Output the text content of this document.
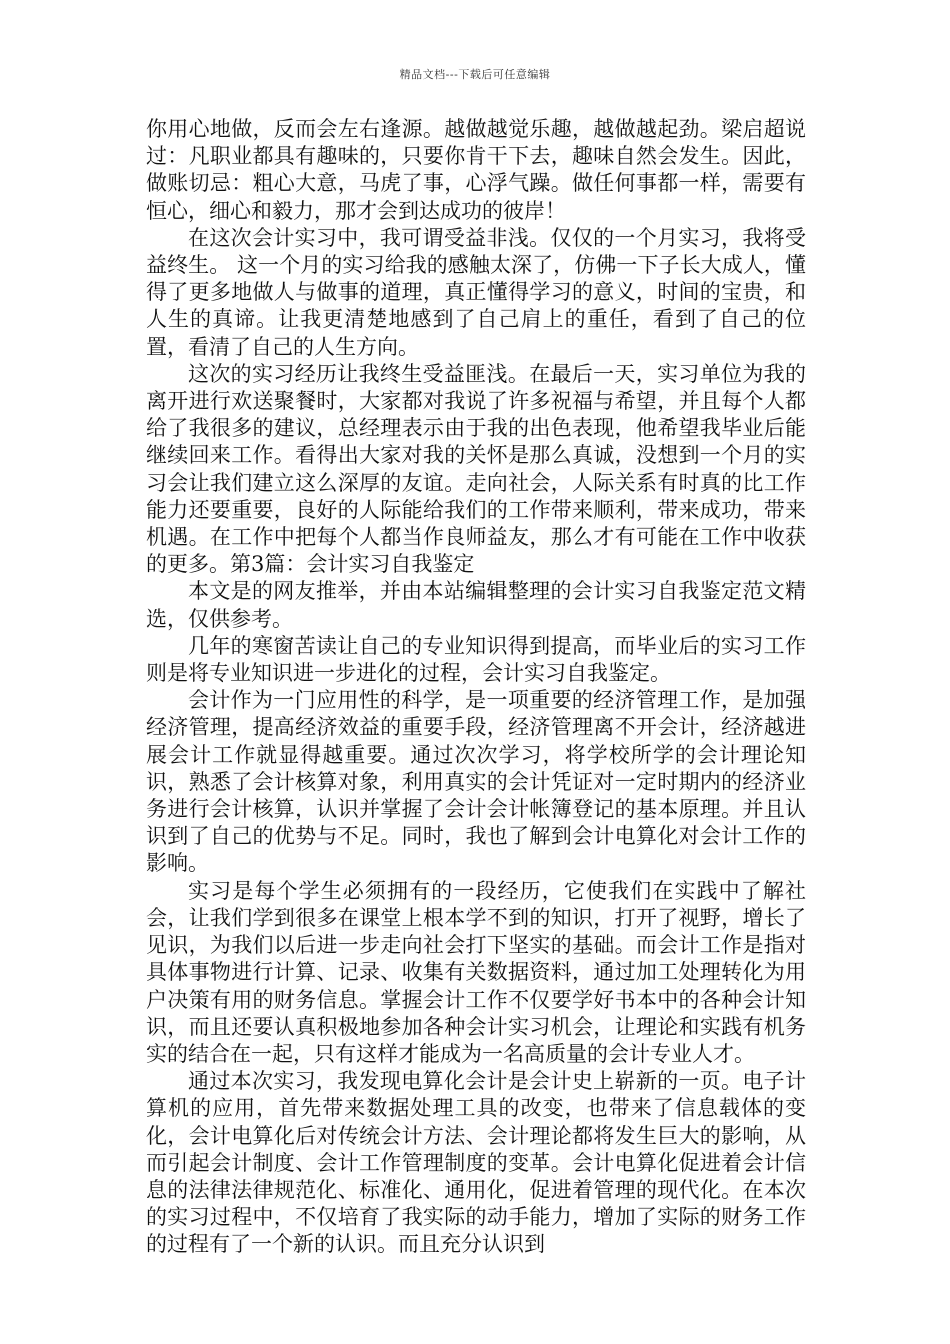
精品文档---下载后可任意编辑

你用心地做，反而会左右逢源。越做越觉乐趣，越做越起劲。梁启超说过：凡职业都具有趣味的，只要你肯干下去，趣味自然会发生。因此，做账切忌：粗心大意，马虎了事，心浮气躁。做任何事都一样，需要有恒心，细心和毅力，那才会到达成功的彼岸！

在这次会计实习中，我可谓受益非浅。仅仅的一个月实习，我将受益终生。 这一个月的实习给我的感触太深了，仿佛一下子长大成人，懂得了更多地做人与做事的道理，真正懂得学习的意义，时间的宝贵，和人生的真谛。让我更清楚地感到了自己肩上的重任，看到了自己的位置，看清了自己的人生方向。

这次的实习经历让我终生受益匪浅。在最后一天，实习单位为我的离开进行欢送聚餐时，大家都对我说了许多祝福与希望，并且每个人都给了我很多的建议，总经理表示由于我的出色表现，他希望我毕业后能继续回来工作。看得出大家对我的关怀是那么真诚，没想到一个月的实习会让我们建立这么深厚的友谊。走向社会，人际关系有时真的比工作能力还要重要，良好的人际能给我们的工作带来顺利，带来成功，带来机遇。在工作中把每个人都当作良师益友，那么才有可能在工作中收获的更多。第3篇：会计实习自我鉴定

本文是的网友推举，并由本站编辑整理的会计实习自我鉴定范文精选，仅供参考。

几年的寒窗苦读让自己的专业知识得到提高，而毕业后的实习工作则是将专业知识进一步进化的过程，会计实习自我鉴定。

会计作为一门应用性的科学，是一项重要的经济管理工作，是加强经济管理，提高经济效益的重要手段，经济管理离不开会计，经济越进展会计工作就显得越重要。通过次次学习，将学校所学的会计理论知识，熟悉了会计核算对象，利用真实的会计凭证对一定时期内的经济业务进行会计核算，认识并掌握了会计会计帐簿登记的基本原理。并且认识到了自己的优势与不足。同时，我也了解到会计电算化对会计工作的影响。

实习是每个学生必须拥有的一段经历，它使我们在实践中了解社会，让我们学到很多在课堂上根本学不到的知识，打开了视野，增长了见识，为我们以后进一步走向社会打下坚实的基础。而会计工作是指对具体事物进行计算、记录、收集有关数据资料，通过加工处理转化为用户决策有用的财务信息。掌握会计工作不仅要学好书本中的各种会计知识，而且还要认真积极地参加各种会计实习机会，让理论和实践有机务实的结合在一起，只有这样才能成为一名高质量的会计专业人才。

通过本次实习，我发现电算化会计是会计史上崭新的一页。电子计算机的应用，首先带来数据处理工具的改变，也带来了信息载体的变化，会计电算化后对传统会计方法、会计理论都将发生巨大的影响，从而引起会计制度、会计工作管理制度的变革。会计电算化促进着会计信息的法律法律规范化、标准化、通用化，促进着管理的现代化。在本次的实习过程中，不仅培育了我实际的动手能力，增加了实际的财务工作的过程有了一个新的认识。而且充分认识到
